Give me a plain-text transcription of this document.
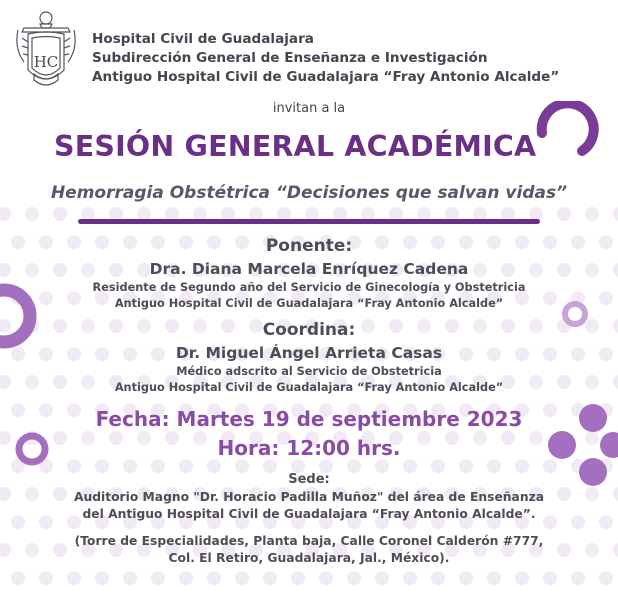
HC
Hospital Civil de Guadalajara
Subdirección General de Enseñanza e Investigación
Antiguo Hospital Civil de Guadalajara “Fray Antonio Alcalde”
invitan a la
SESIÓN GENERAL ACADÉMICA
Hemorragia Obstétrica “Decisiones que salvan vidas”
Ponente:
Dra. Diana Marcela Enríquez Cadena
Residente de Segundo año del Servicio de Ginecología y Obstetricia
Antiguo Hospital Civil de Guadalajara “Fray Antonio Alcalde”
Coordina:
Dr. Miguel Ángel Arrieta Casas
Médico adscrito al Servicio de Obstetricia
Antiguo Hospital Civil de Guadalajara “Fray Antonio Alcalde”
Fecha: Martes 19 de septiembre 2023
Hora: 12:00 hrs.
Sede:
Auditorio Magno "Dr. Horacio Padilla Muñoz" del área de Enseñanza
del Antiguo Hospital Civil de Guadalajara “Fray Antonio Alcalde”.
(Torre de Especialidades, Planta baja, Calle Coronel Calderón #777,
Col. El Retiro, Guadalajara, Jal., México).
